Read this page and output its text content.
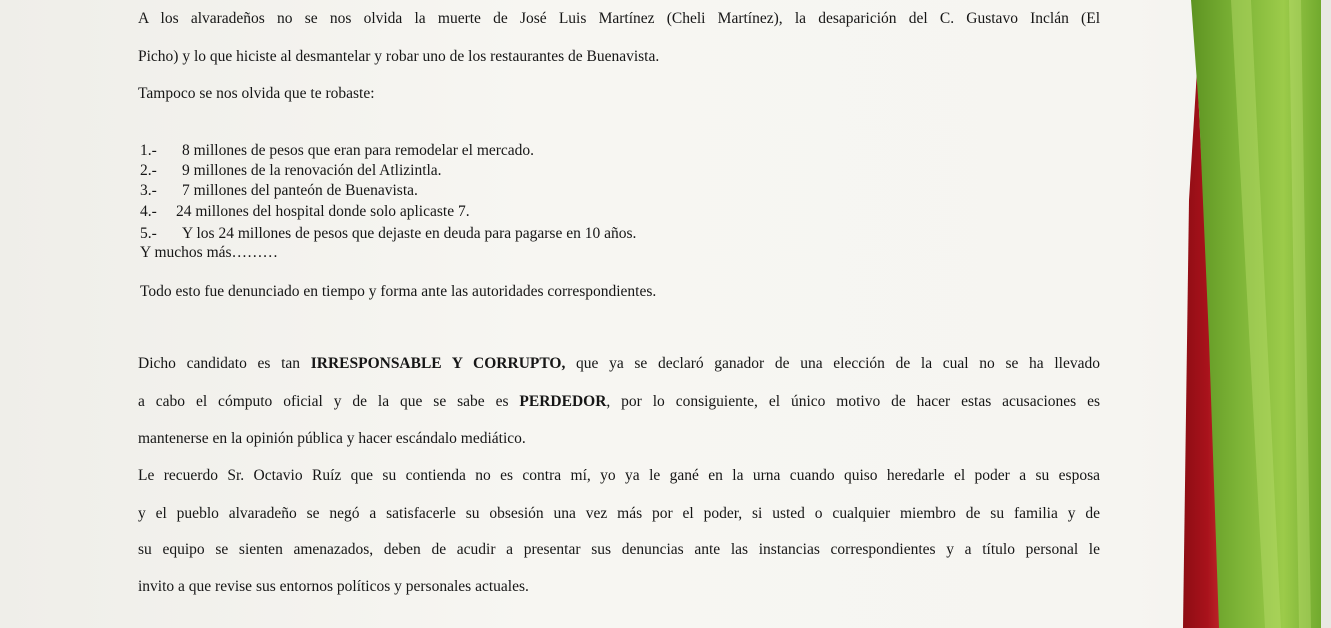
A los alvaradeños no se nos olvida la muerte de José Luis Martínez (Cheli Martínez), la desaparición del C. Gustavo Inclán (El
Picho) y lo que hiciste al desmantelar y robar uno de los restaurantes de Buenavista.
Tampoco se nos olvida que te robaste:
1.- 8 millones de pesos que eran para remodelar el mercado.
2.- 9 millones de la renovación del Atlizintla.
3.- 7 millones del panteón de Buenavista.
4.- 24 millones del hospital donde solo aplicaste 7.
5.- Y los 24 millones de pesos que dejaste en deuda para pagarse en 10 años.
Y muchos más………
Todo esto fue denunciado en tiempo y forma ante las autoridades correspondientes.
Dicho candidato es tan IRRESPONSABLE Y CORRUPTO, que ya se declaró ganador de una elección de la cual no se ha llevado
a cabo el cómputo oficial y de la que se sabe es PERDEDOR, por lo consiguiente, el único motivo de hacer estas acusaciones es
mantenerse en la opinión pública y hacer escándalo mediático.
Le recuerdo Sr. Octavio Ruíz que su contienda no es contra mí, yo ya le gané en la urna cuando quiso heredarle el poder a su esposa
y el pueblo alvaradeño se negó a satisfacerle su obsesión una vez más por el poder, si usted o cualquier miembro de su familia y de
su equipo se sienten amenazados, deben de acudir a presentar sus denuncias ante las instancias correspondientes y a título personal le
invito a que revise sus entornos políticos y personales actuales.
